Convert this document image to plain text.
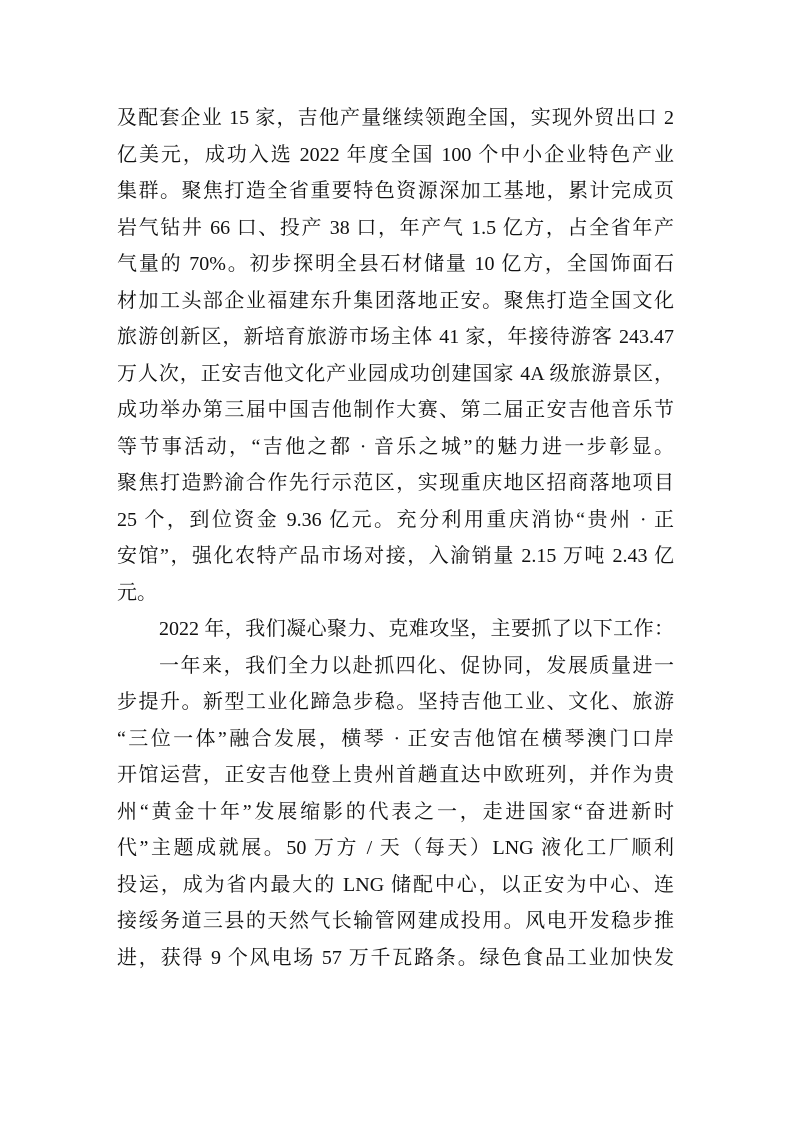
及配套企业 15 家，吉他产量继续领跑全国，实现外贸出口 2
亿美元，成功入选 2022 年度全国 100 个中小企业特色产业
集群。聚焦打造全省重要特色资源深加工基地，累计完成页
岩气钻井 66 口、投产 38 口，年产气 1.5 亿方，占全省年产
气量的 70%。初步探明全县石材储量 10 亿方，全国饰面石
材加工头部企业福建东升集团落地正安。聚焦打造全国文化
旅游创新区，新培育旅游市场主体 41 家，年接待游客 243.47
万人次，正安吉他文化产业园成功创建国家 4A 级旅游景区，
成功举办第三届中国吉他制作大赛、第二届正安吉他音乐节
等节事活动，“吉他之都 · 音乐之城”的魅力进一步彰显。
聚焦打造黔渝合作先行示范区，实现重庆地区招商落地项目
25 个，到位资金 9.36 亿元。充分利用重庆消协“贵州 · 正
安馆”，强化农特产品市场对接，入渝销量 2.15 万吨 2.43 亿
元。
2022 年，我们凝心聚力、克难攻坚，主要抓了以下工作：
一年来，我们全力以赴抓四化、促协同，发展质量进一
步提升。新型工业化蹄急步稳。坚持吉他工业、文化、旅游
“三位一体”融合发展，横琴 · 正安吉他馆在横琴澳门口岸
开馆运营，正安吉他登上贵州首趟直达中欧班列，并作为贵
州“黄金十年”发展缩影的代表之一，走进国家“奋进新时
代”主题成就展。50 万方 / 天（每天）LNG 液化工厂顺利
投运，成为省内最大的 LNG 储配中心，以正安为中心、连
接绥务道三县的天然气长输管网建成投用。风电开发稳步推
进，获得 9 个风电场 57 万千瓦路条。绿色食品工业加快发
